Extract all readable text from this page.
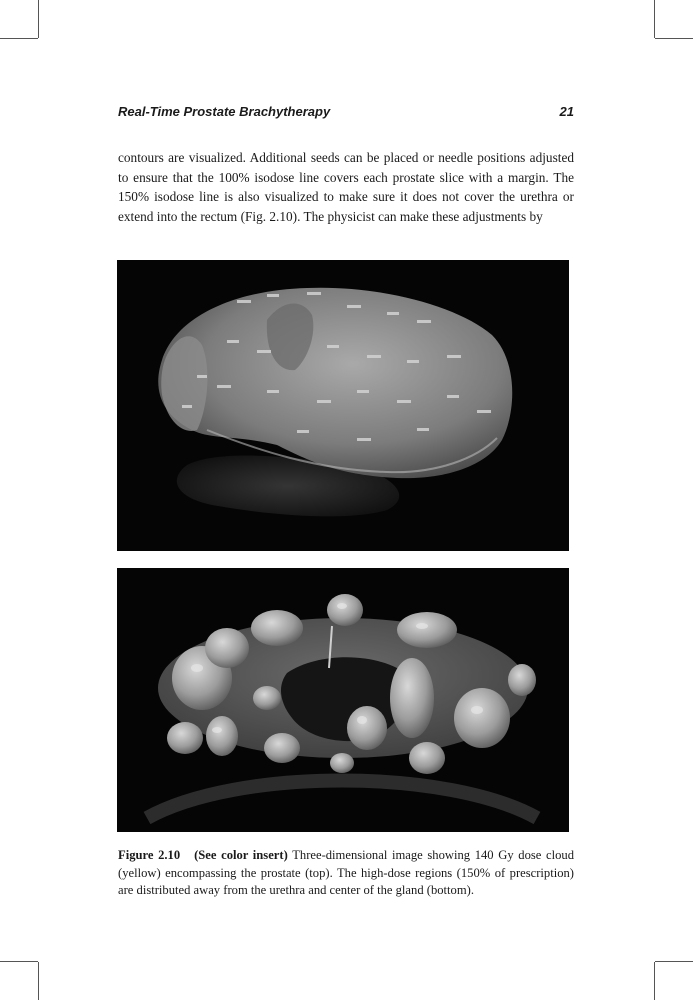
Real-Time Prostate Brachytherapy	21

contours are visualized. Additional seeds can be placed or needle positions adjusted to ensure that the 100% isodose line covers each prostate slice with a margin. The 150% isodose line is also visualized to make sure it does not cover the urethra or extend into the rectum (Fig. 2.10). The physicist can make these adjustments by

Figure 2.10 (See color insert) Three-dimensional image showing 140 Gy dose cloud (yellow) encompassing the prostate (top). The high-dose regions (150% of prescription) are distributed away from the urethra and center of the gland (bottom).
